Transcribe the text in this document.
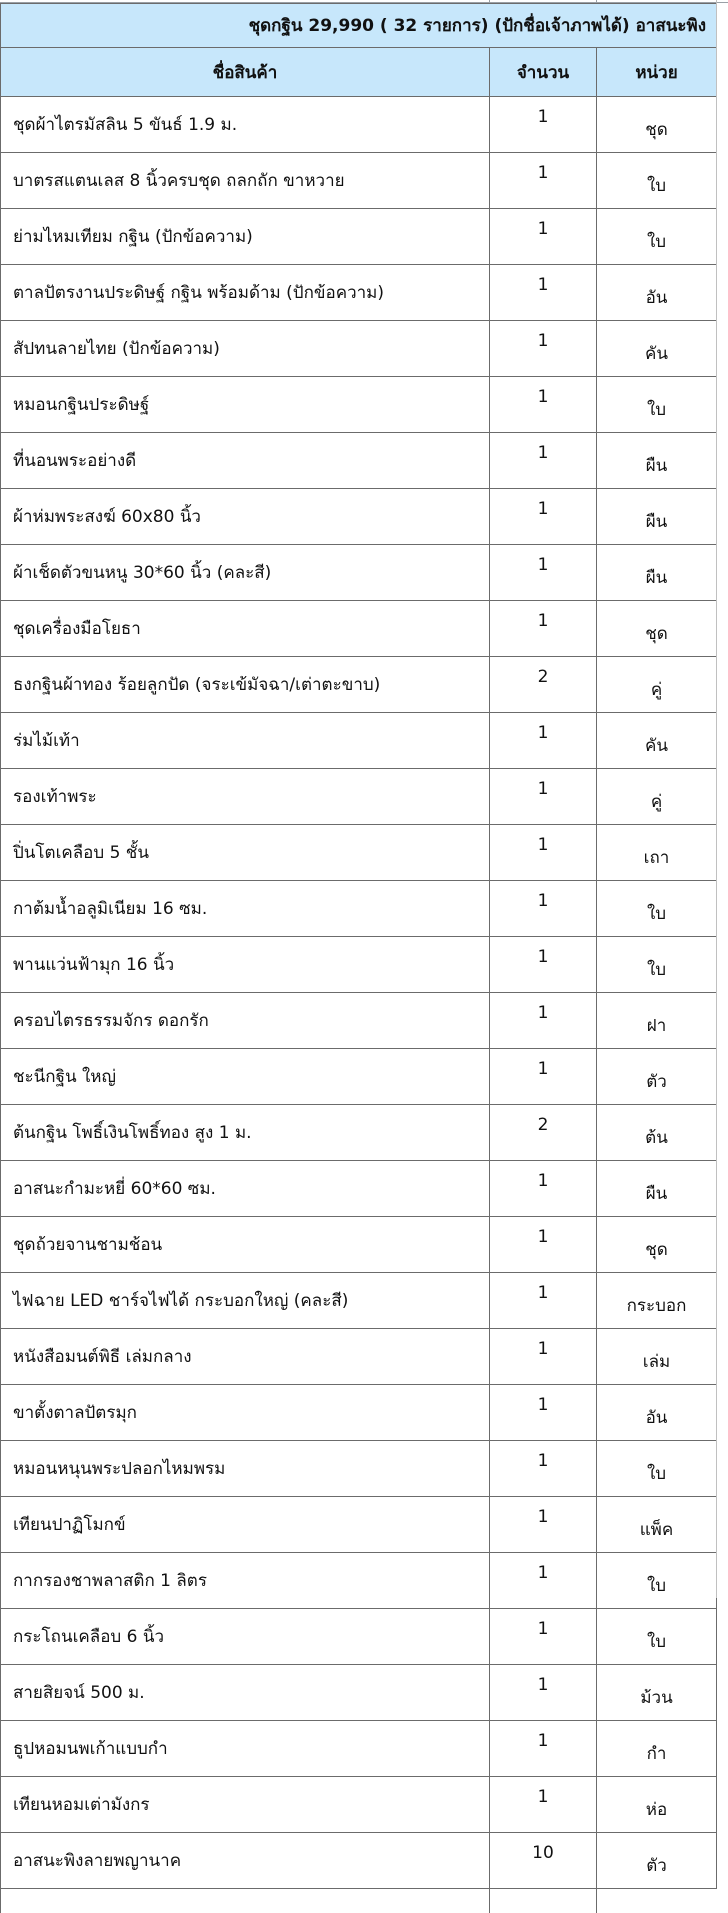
ชุดกฐิน 29,990 ( 32 รายการ) (ปักชื่อเจ้าภาพได้) อาสนะพิง		
ชื่อสินค้า	จำนวน	หน่วย
ชุดผ้าไตรมัสลิน 5 ขันธ์ 1.9 ม.	1	ชุด
บาตรสแตนเลส 8 นิ้วครบชุด ถลกถัก ขาหวาย	1	ใบ
ย่ามไหมเทียม กฐิน (ปักข้อความ)	1	ใบ
ตาลปัตรงานประดิษฐ์ กฐิน พร้อมด้าม (ปักข้อความ)	1	อัน
สัปทนลายไทย (ปักข้อความ)	1	คัน
หมอนกฐินประดิษฐ์	1	ใบ
ที่นอนพระอย่างดี	1	ผืน
ผ้าห่มพระสงฆ์ 60x80 นิ้ว	1	ผืน
ผ้าเช็ดตัวขนหนู 30*60 นิ้ว (คละสี)	1	ผืน
ชุดเครื่องมือโยธา	1	ชุด
ธงกฐินผ้าทอง ร้อยลูกปัด (จระเข้มัจฉา/เต่าตะขาบ)	2	คู่
ร่มไม้เท้า	1	คัน
รองเท้าพระ	1	คู่
ปิ่นโตเคลือบ 5 ชั้น	1	เถา
กาต้มน้ำอลูมิเนียม 16 ซม.	1	ใบ
พานแว่นฟ้ามุก 16 นิ้ว	1	ใบ
ครอบไตรธรรมจักร ดอกรัก	1	ฝา
ชะนีกฐิน ใหญ่	1	ตัว
ต้นกฐิน โพธิ์เงินโพธิ์ทอง สูง 1 ม.	2	ต้น
อาสนะกำมะหยี่ 60*60 ซม.	1	ผืน
ชุดถ้วยจานชามช้อน	1	ชุด
ไฟฉาย LED ชาร์จไฟได้ กระบอกใหญ่ (คละสี)	1	กระบอก
หนังสือมนต์พิธี เล่มกลาง	1	เล่ม
ขาตั้งตาลปัตรมุก	1	อัน
หมอนหนุนพระปลอกไหมพรม	1	ใบ
เทียนปาฏิโมกข์	1	แพ็ค
กากรองชาพลาสติก 1 ลิตร	1	ใบ
กระโถนเคลือบ 6 นิ้ว	1	ใบ
สายสิยจน์ 500 ม.	1	ม้วน
ธูปหอมนพเก้าแบบกำ	1	กำ
เทียนหอมเต่ามังกร	1	ห่อ
อาสนะพิงลายพญานาค	10	ตัว
